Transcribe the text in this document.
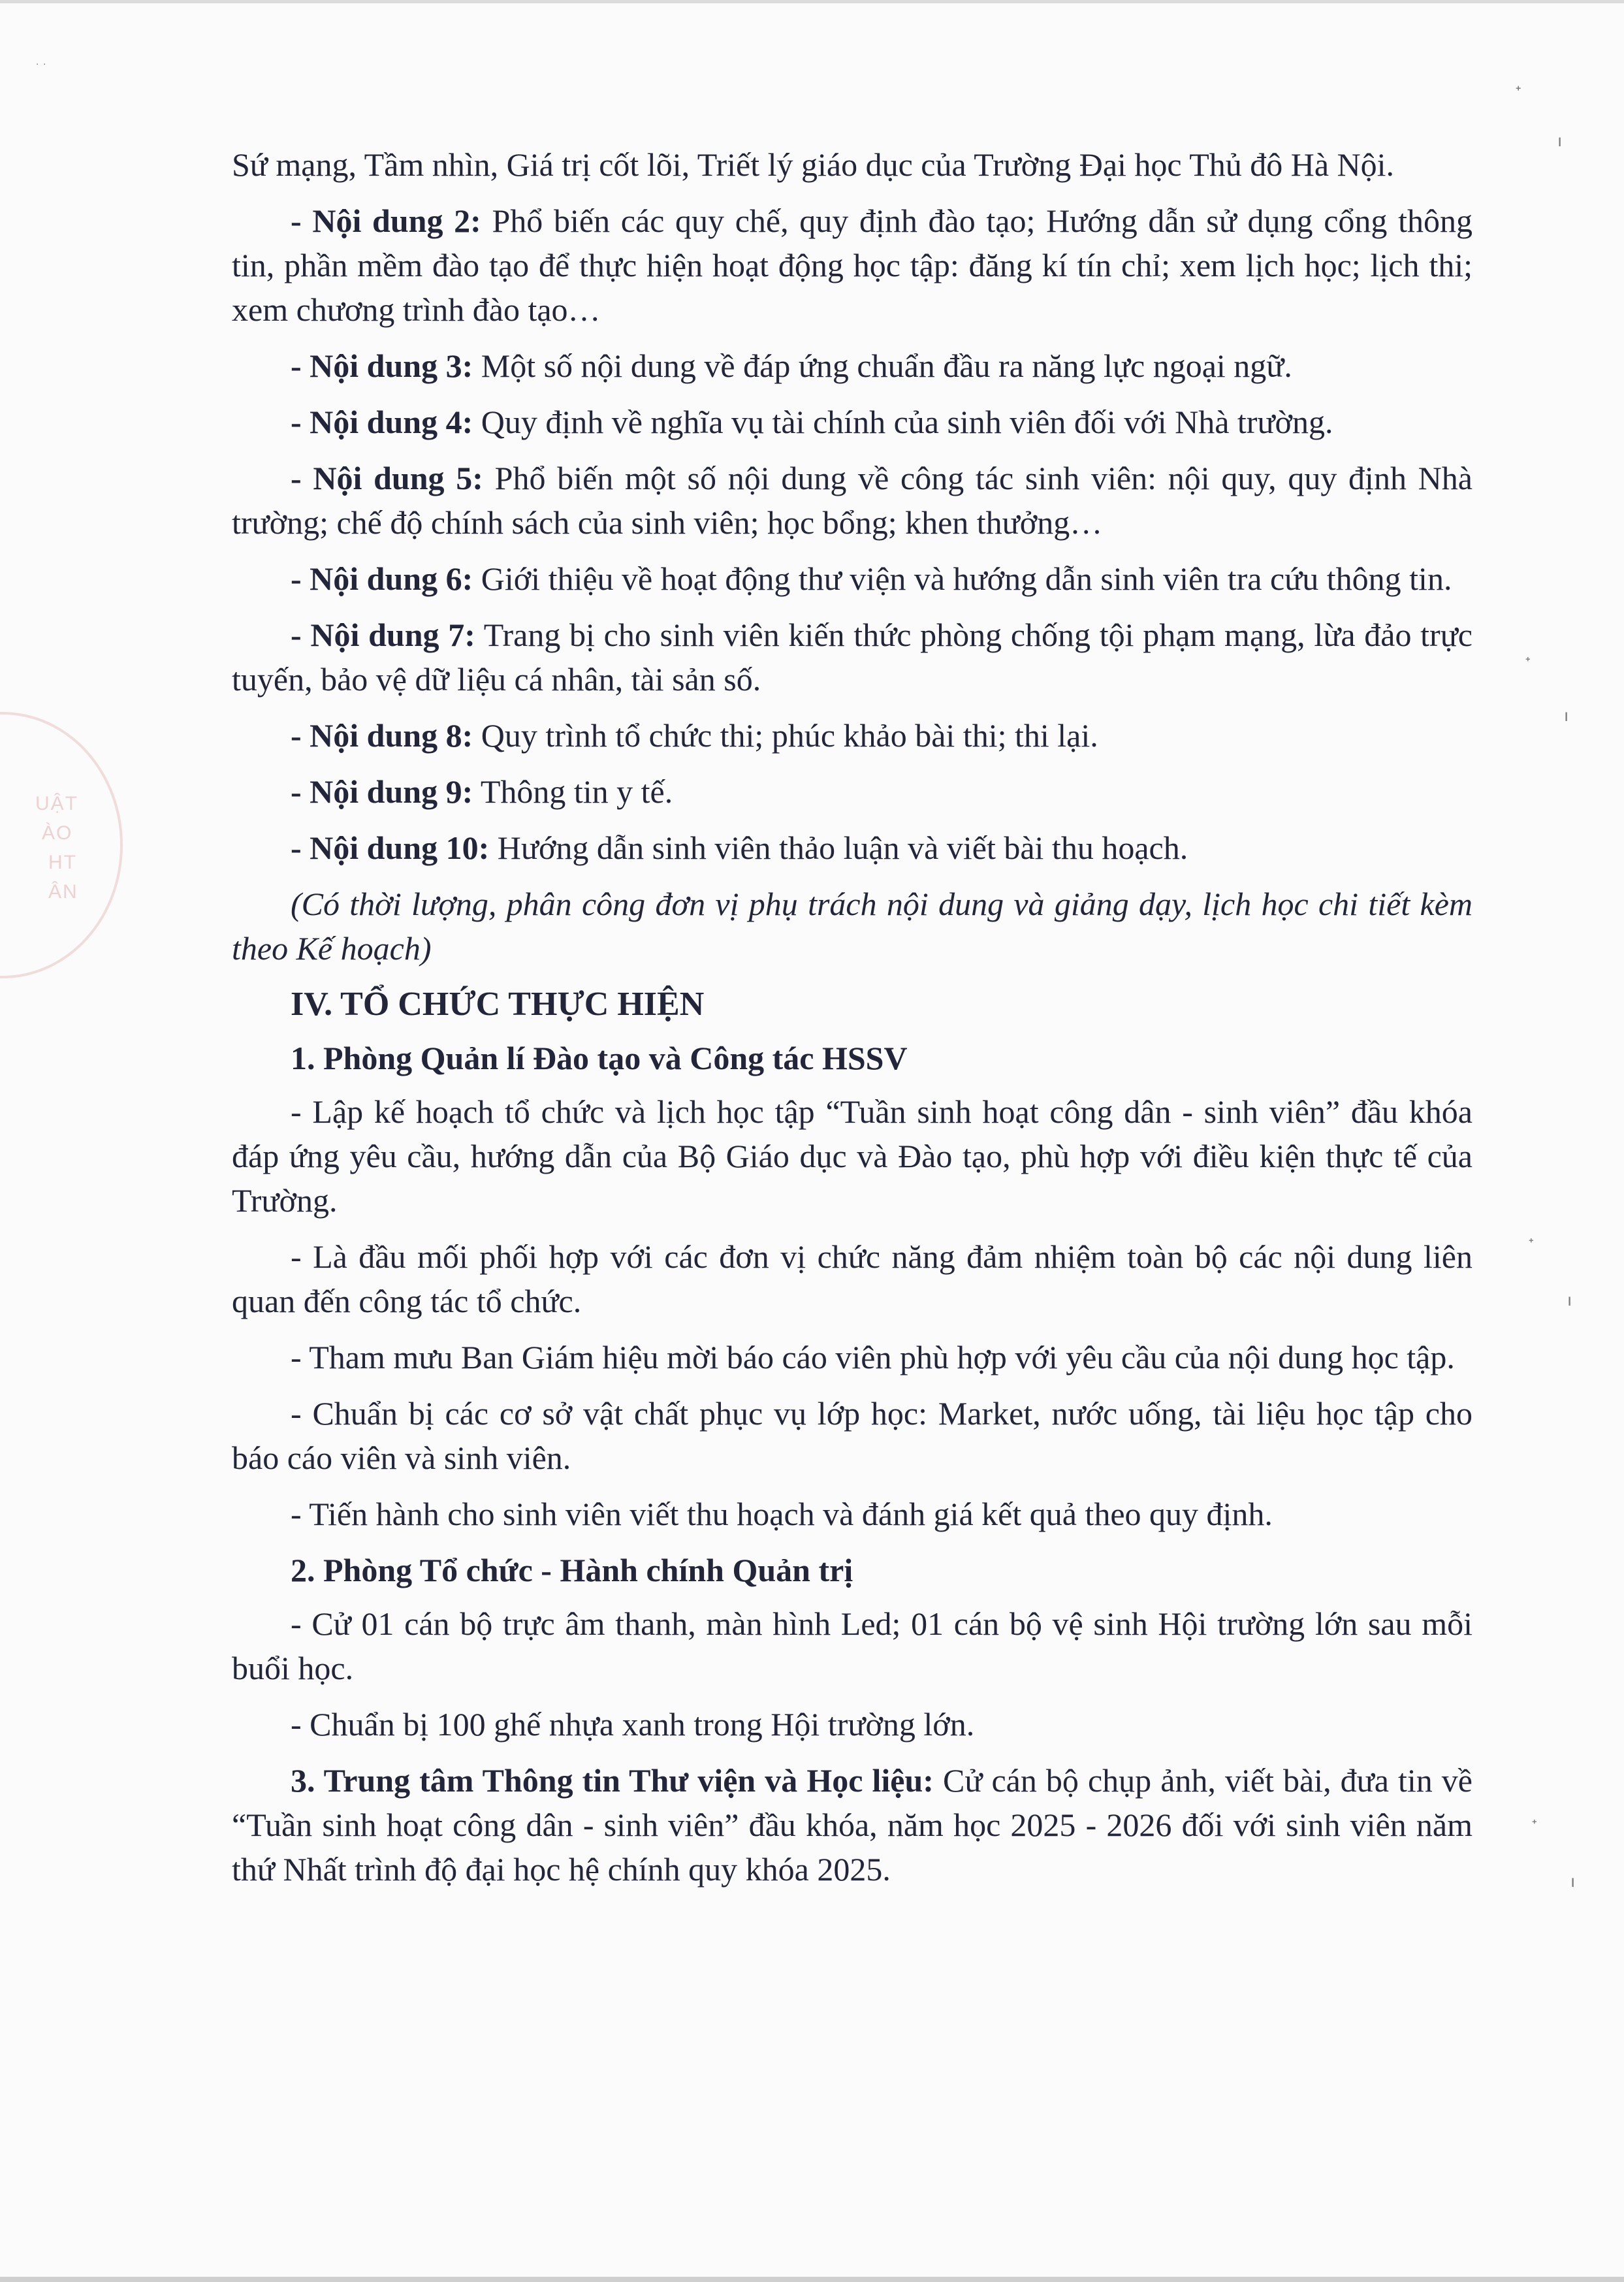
UẬT
ÀO
HT
ÂN
˙ ˙
ᐩ
ı
ᐩ
ı
ᐩ
ı
ᐩ
ı

Sứ mạng, Tầm nhìn, Giá trị cốt lõi, Triết lý giáo dục của Trường Đại học Thủ đô Hà Nội.

- Nội dung 2: Phổ biến các quy chế, quy định đào tạo; Hướng dẫn sử dụng cổng thông tin, phần mềm đào tạo để thực hiện hoạt động học tập: đăng kí tín chỉ; xem lịch học; lịch thi; xem chương trình đào tạo…

- Nội dung 3: Một số nội dung về đáp ứng chuẩn đầu ra năng lực ngoại ngữ.

- Nội dung 4: Quy định về nghĩa vụ tài chính của sinh viên đối với Nhà trường.

- Nội dung 5: Phổ biến một số nội dung về công tác sinh viên: nội quy, quy định Nhà trường; chế độ chính sách của sinh viên; học bổng; khen thưởng…

- Nội dung 6: Giới thiệu về hoạt động thư viện và hướng dẫn sinh viên tra cứu thông tin.

- Nội dung 7: Trang bị cho sinh viên kiến thức phòng chống tội phạm mạng, lừa đảo trực tuyến, bảo vệ dữ liệu cá nhân, tài sản số.

- Nội dung 8: Quy trình tổ chức thi; phúc khảo bài thi; thi lại.

- Nội dung 9: Thông tin y tế.

- Nội dung 10: Hướng dẫn sinh viên thảo luận và viết bài thu hoạch.

(Có thời lượng, phân công đơn vị phụ trách nội dung và giảng dạy, lịch học chi tiết kèm theo Kế hoạch)

IV. TỔ CHỨC THỰC HIỆN

1. Phòng Quản lí Đào tạo và Công tác HSSV

- Lập kế hoạch tổ chức và lịch học tập “Tuần sinh hoạt công dân - sinh viên” đầu khóa đáp ứng yêu cầu, hướng dẫn của Bộ Giáo dục và Đào tạo, phù hợp với điều kiện thực tế của Trường.

- Là đầu mối phối hợp với các đơn vị chức năng đảm nhiệm toàn bộ các nội dung liên quan đến công tác tổ chức.

- Tham mưu Ban Giám hiệu mời báo cáo viên phù hợp với yêu cầu của nội dung học tập.

- Chuẩn bị các cơ sở vật chất phục vụ lớp học: Market, nước uống, tài liệu học tập cho báo cáo viên và sinh viên.

- Tiến hành cho sinh viên viết thu hoạch và đánh giá kết quả theo quy định.

2. Phòng Tổ chức - Hành chính Quản trị

- Cử 01 cán bộ trực âm thanh, màn hình Led; 01 cán bộ vệ sinh Hội trường lớn sau mỗi buổi học.

- Chuẩn bị 100 ghế nhựa xanh trong Hội trường lớn.

3. Trung tâm Thông tin Thư viện và Học liệu: Cử cán bộ chụp ảnh, viết bài, đưa tin về “Tuần sinh hoạt công dân - sinh viên” đầu khóa, năm học 2025 - 2026 đối với sinh viên năm thứ Nhất trình độ đại học hệ chính quy khóa 2025.
